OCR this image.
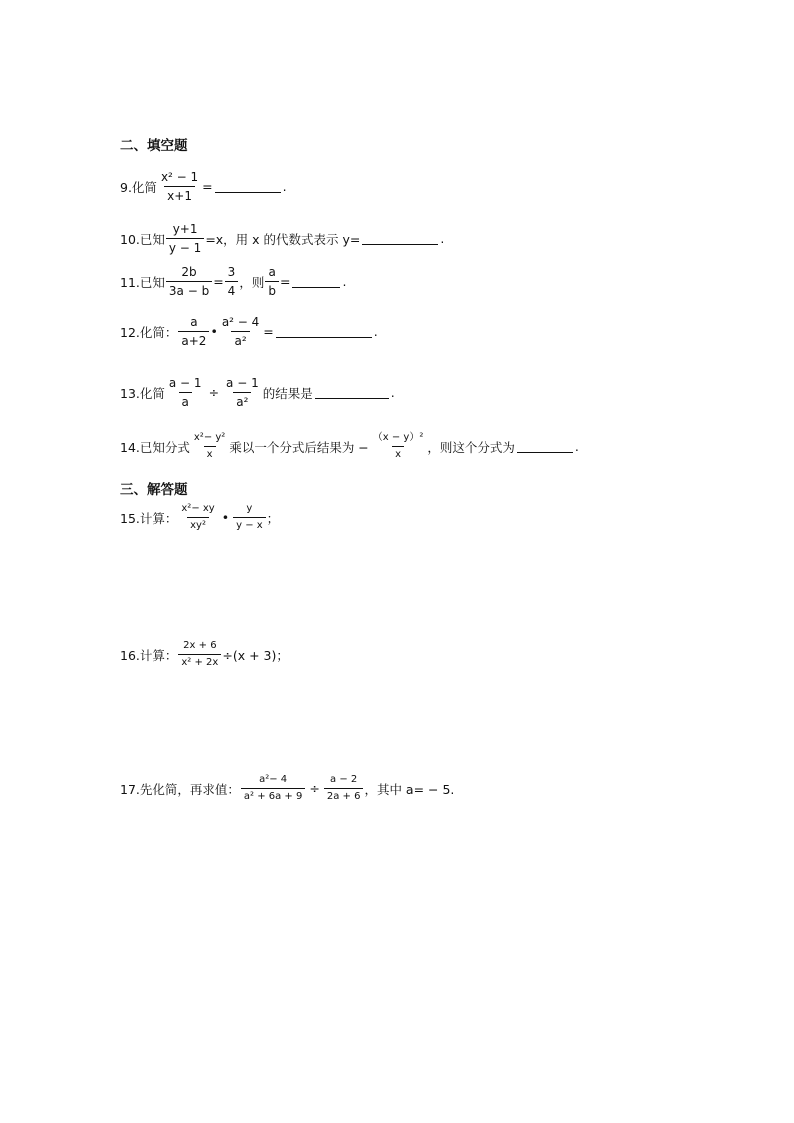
二、填空题
9.化简 $\frac{\text{x² − 1}}{x+1}$ =	.
10.已知 $\frac{y+1}{y - 1} =x$，用 x 的代数式表示 y=	.
11.已知 $\frac{2b}{3a - b} = \frac{3}{4}$ ，则 $\frac{a}{b}$ =	.
12.化简： $\frac{a}{a+2}$ • $\frac{\text{a² − 4}}{\text{a²}}$ =	.
13.化简 $\frac{a - 1}{a} \div \frac{a - 1}{\text{a²}}$ 的结果是	.
14.已知分式 $\frac{\text{x²− y²}}{x}$ 乘以一个分式后结果为 − $\frac{\text{（x − y）²}}{x}$ ，则这个分式为	.
三、解答题
15.计算： $\frac{\text{x²− xy}}{\text{xy²}}$ • $\frac{y}{y - x}$ ；
16.计算： $\frac{2x + 6}{\text{x² + 2x}} \div(x + 3)$；
17.先化简，再求值： $\frac{\text{a²− 4}}{\text{a² + 6a + 9}} \div \frac{a - 2}{2a + 6}$ ，其中 a= − 5.
